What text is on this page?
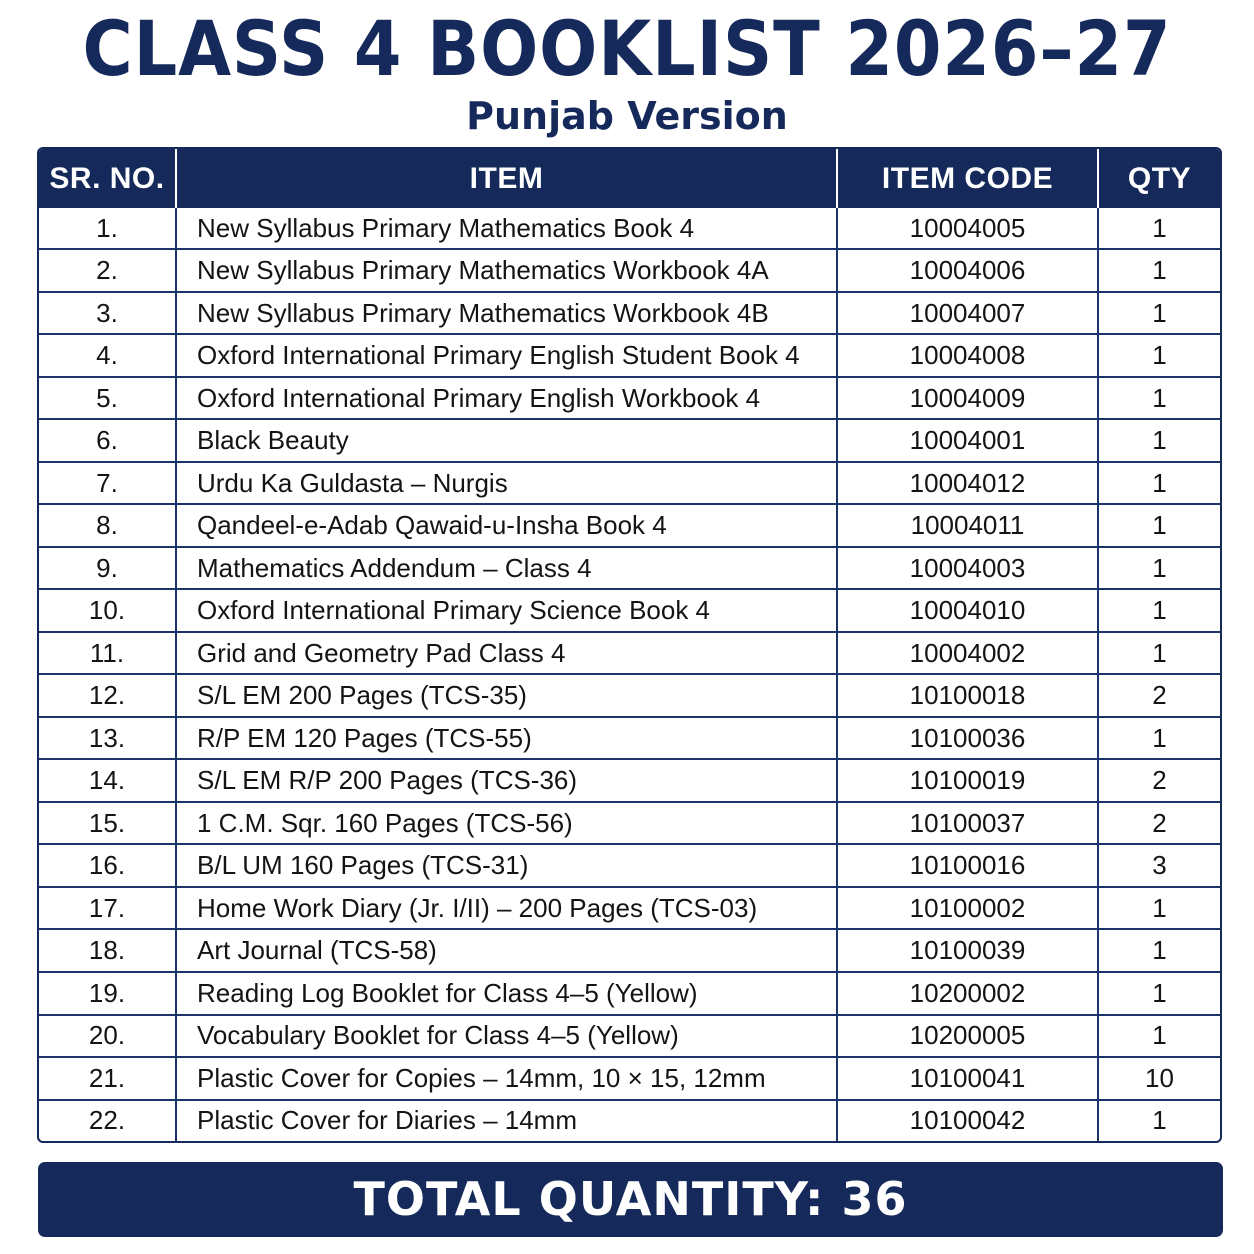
CLASS 4 BOOKLIST 2026–27
Punjab Version
SR. NO.	ITEM	ITEM CODE	QTY
1.	New Syllabus Primary Mathematics Book 4	10004005	1
2.	New Syllabus Primary Mathematics Workbook 4A	10004006	1
3.	New Syllabus Primary Mathematics Workbook 4B	10004007	1
4.	Oxford International Primary English Student Book 4	10004008	1
5.	Oxford International Primary English Workbook 4	10004009	1
6.	Black Beauty	10004001	1
7.	Urdu Ka Guldasta – Nurgis	10004012	1
8.	Qandeel-e-Adab Qawaid-u-Insha Book 4	10004011	1
9.	Mathematics Addendum – Class 4	10004003	1
10.	Oxford International Primary Science Book 4	10004010	1
11.	Grid and Geometry Pad Class 4	10004002	1
12.	S/L EM 200 Pages (TCS-35)	10100018	2
13.	R/P EM 120 Pages (TCS-55)	10100036	1
14.	S/L EM R/P 200 Pages (TCS-36)	10100019	2
15.	1 C.M. Sqr. 160 Pages (TCS-56)	10100037	2
16.	B/L UM 160 Pages (TCS-31)	10100016	3
17.	Home Work Diary (Jr. I/II) – 200 Pages (TCS-03)	10100002	1
18.	Art Journal (TCS-58)	10100039	1
19.	Reading Log Booklet for Class 4–5 (Yellow)	10200002	1
20.	Vocabulary Booklet for Class 4–5 (Yellow)	10200005	1
21.	Plastic Cover for Copies – 14mm, 10 × 15, 12mm	10100041	10
22.	Plastic Cover for Diaries – 14mm	10100042	1
TOTAL QUANTITY: 36
